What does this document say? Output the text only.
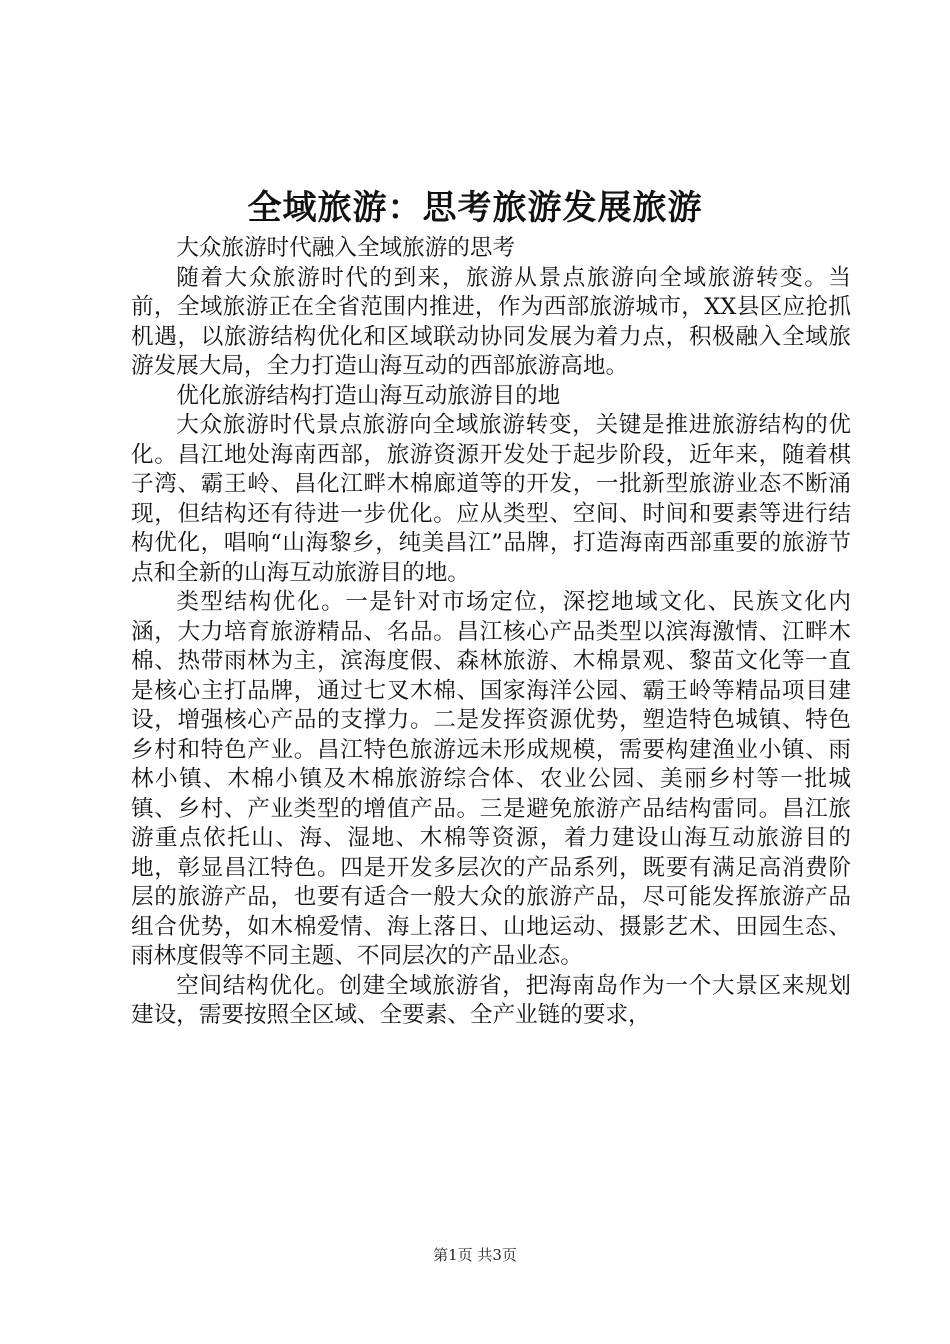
全域旅游：思考旅游发展旅游

大众旅游时代融入全域旅游的思考

随着大众旅游时代的到来，旅游从景点旅游向全域旅游转变。当前，全域旅游正在全省范围内推进，作为西部旅游城市，XX县区应抢抓机遇，以旅游结构优化和区域联动协同发展为着力点，积极融入全域旅游发展大局，全力打造山海互动的西部旅游高地。

优化旅游结构打造山海互动旅游目的地

大众旅游时代景点旅游向全域旅游转变，关键是推进旅游结构的优化。昌江地处海南西部，旅游资源开发处于起步阶段，近年来，随着棋子湾、霸王岭、昌化江畔木棉廊道等的开发，一批新型旅游业态不断涌现，但结构还有待进一步优化。应从类型、空间、时间和要素等进行结构优化，唱响“山海黎乡，纯美昌江”品牌，打造海南西部重要的旅游节点和全新的山海互动旅游目的地。

类型结构优化。一是针对市场定位，深挖地域文化、民族文化内涵，大力培育旅游精品、名品。昌江核心产品类型以滨海激情、江畔木棉、热带雨林为主，滨海度假、森林旅游、木棉景观、黎苗文化等一直是核心主打品牌，通过七叉木棉、国家海洋公园、霸王岭等精品项目建设，增强核心产品的支撑力。二是发挥资源优势，塑造特色城镇、特色乡村和特色产业。昌江特色旅游远未形成规模，需要构建渔业小镇、雨林小镇、木棉小镇及木棉旅游综合体、农业公园、美丽乡村等一批城镇、乡村、产业类型的增值产品。三是避免旅游产品结构雷同。昌江旅游重点依托山、海、湿地、木棉等资源，着力建设山海互动旅游目的地，彰显昌江特色。四是开发多层次的产品系列，既要有满足高消费阶层的旅游产品，也要有适合一般大众的旅游产品，尽可能发挥旅游产品组合优势，如木棉爱情、海上落日、山地运动、摄影艺术、田园生态、雨林度假等不同主题、不同层次的产品业态。

空间结构优化。创建全域旅游省，把海南岛作为一个大景区来规划建设，需要按照全区域、全要素、全产业链的要求，

第1页 共3页
